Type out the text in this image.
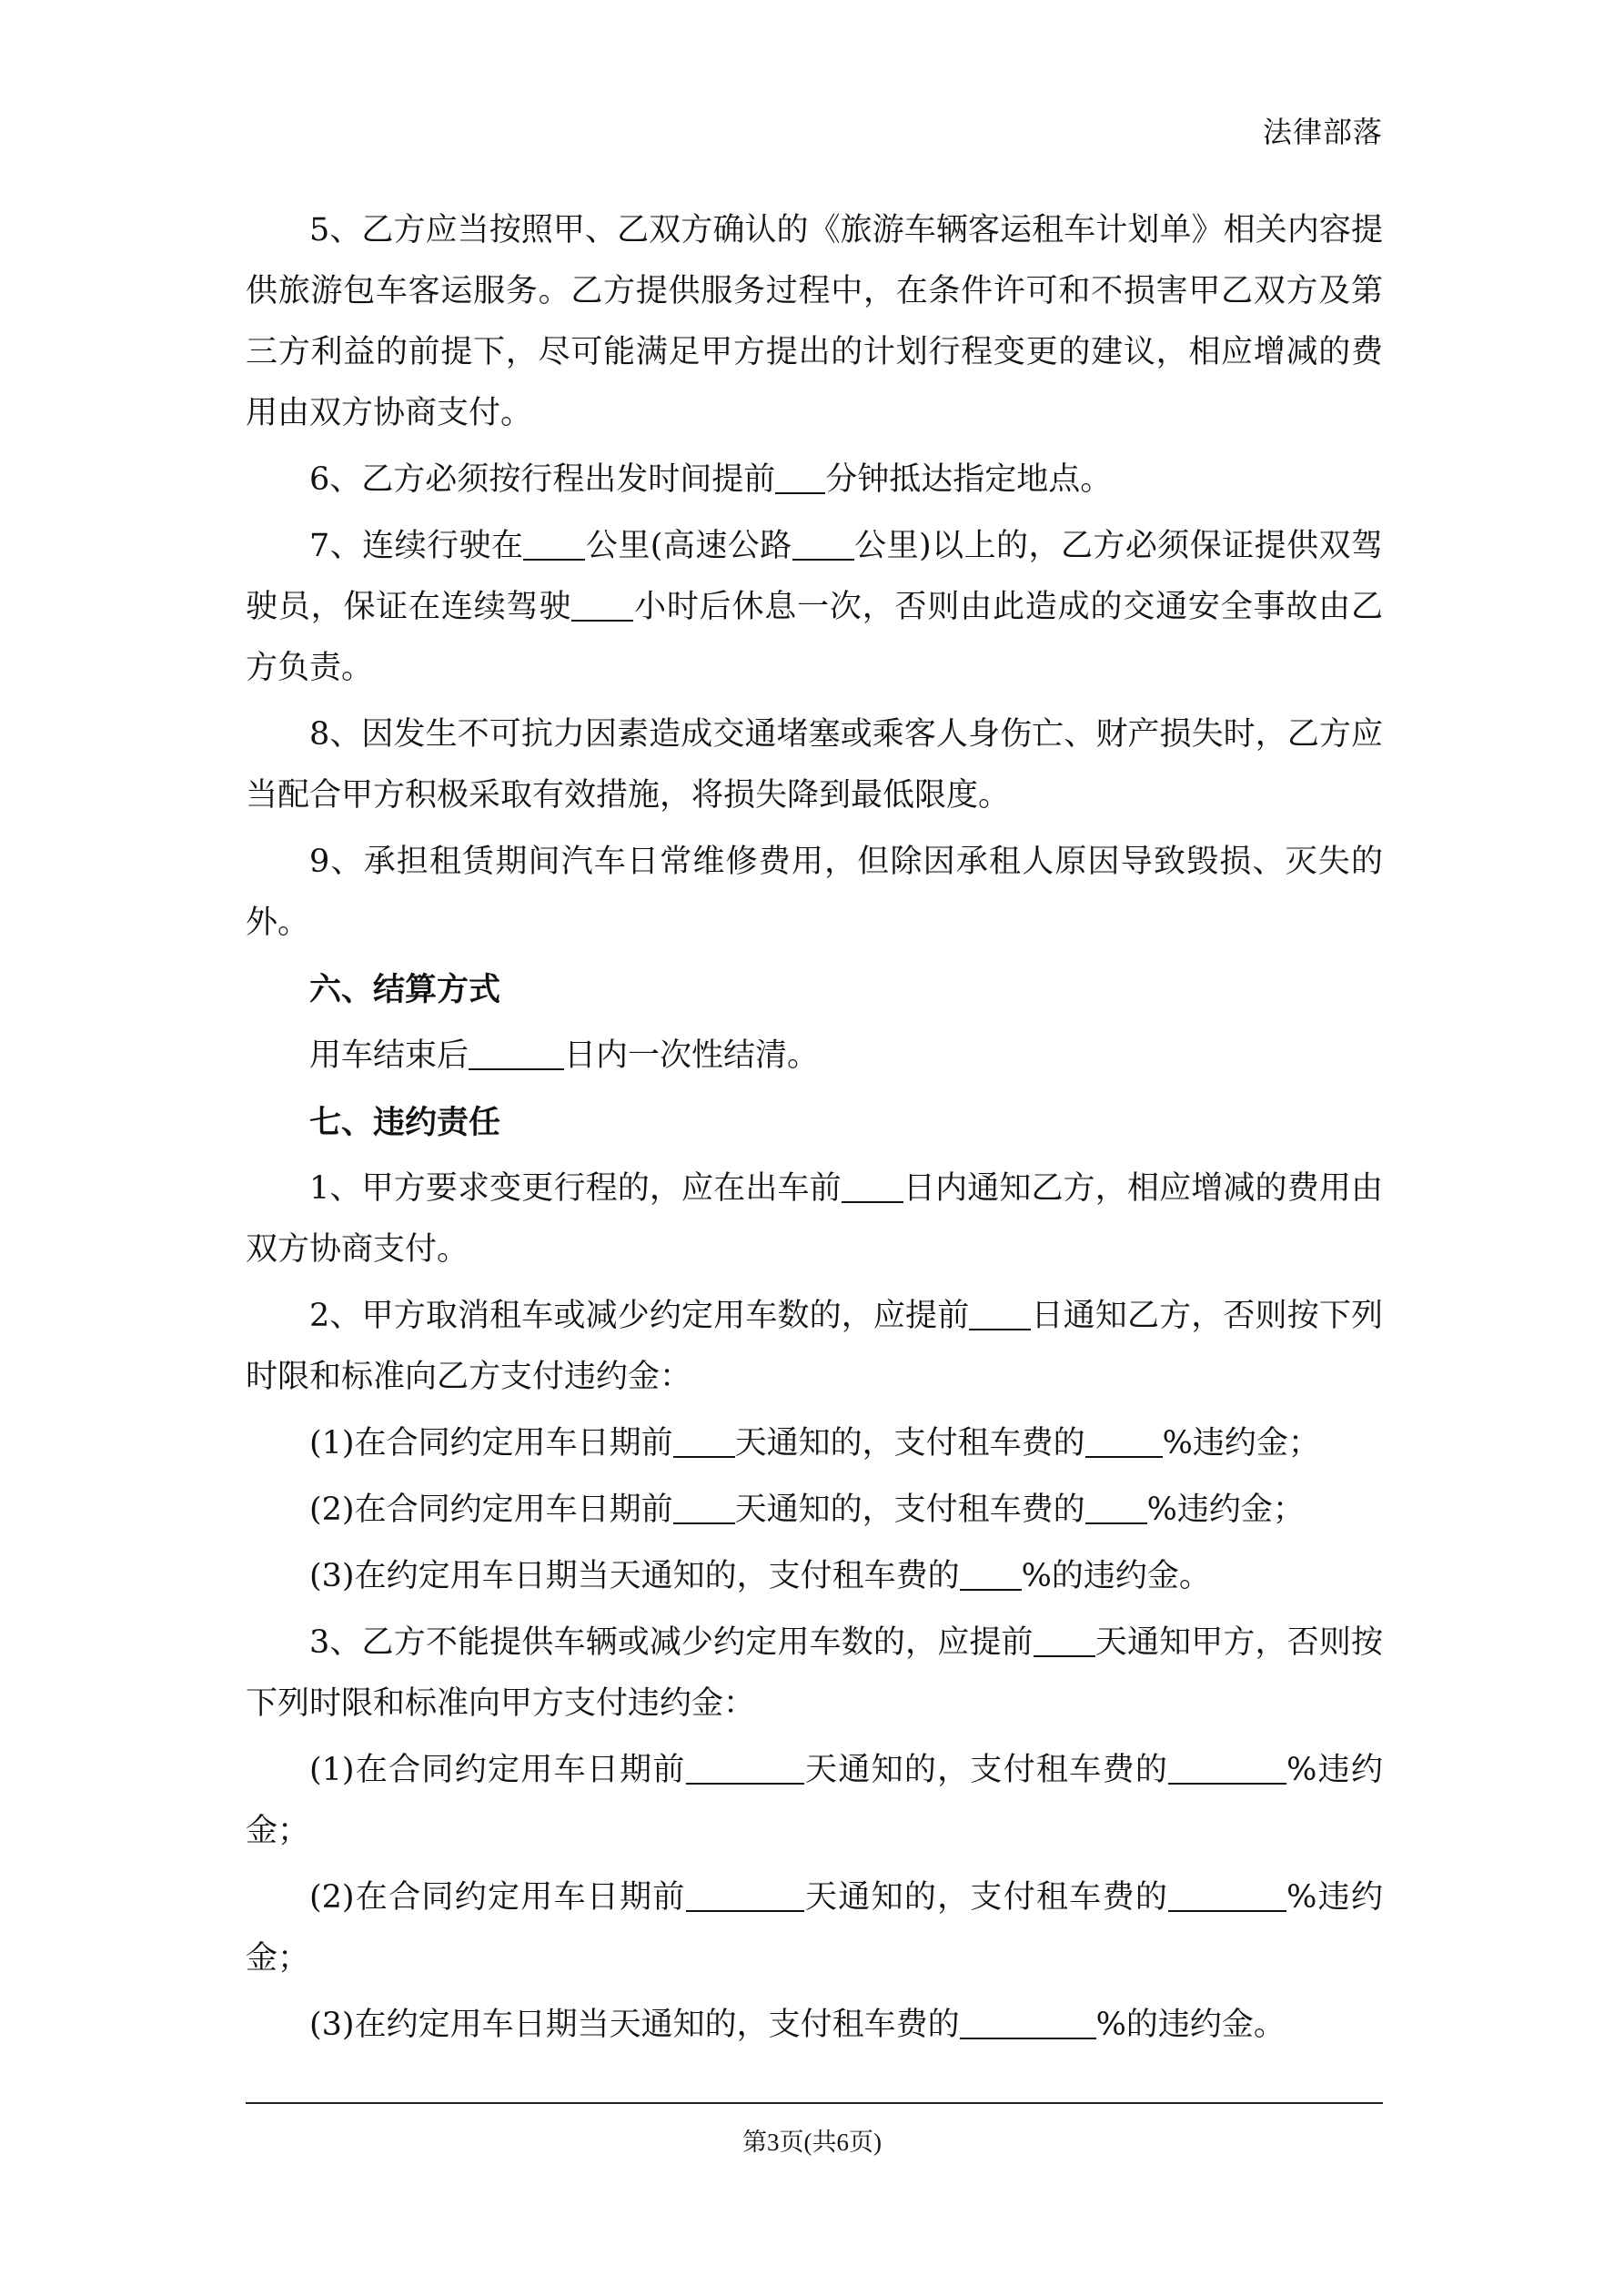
法律部落

5、乙方应当按照甲、乙双方确认的《旅游车辆客运租车计划单》相关内容提供旅游包车客运服务。乙方提供服务过程中，在条件许可和不损害甲乙双方及第三方利益的前提下，尽可能满足甲方提出的计划行程变更的建议，相应增减的费用由双方协商支付。

6、乙方必须按行程出发时间提前 分钟抵达指定地点。

7、连续行驶在 公里(高速公路 公里)以上的，乙方必须保证提供双驾驶员，保证在连续驾驶 小时后休息一次，否则由此造成的交通安全事故由乙方负责。

8、因发生不可抗力因素造成交通堵塞或乘客人身伤亡、财产损失时，乙方应当配合甲方积极采取有效措施，将损失降到最低限度。

9、承担租赁期间汽车日常维修费用，但除因承租人原因导致毁损、灭失的外。

六、结算方式

用车结束后	日内一次性结清。

七、违约责任

1、甲方要求变更行程的，应在出车前 日内通知乙方，相应增减的费用由双方协商支付。

2、甲方取消租车或减少约定用车数的，应提前 日通知乙方，否则按下列时限和标准向乙方支付违约金：

(1)在合同约定用车日期前 天通知的，支付租车费的 %违约金；

(2)在合同约定用车日期前 天通知的，支付租车费的 %违约金；

(3)在约定用车日期当天通知的，支付租车费的 %的违约金。

3、乙方不能提供车辆或减少约定用车数的，应提前 天通知甲方，否则按下列时限和标准向甲方支付违约金：

(1)在合同约定用车日期前	天通知的，支付租车费的	%违约金；

(2)在合同约定用车日期前	天通知的，支付租车费的	%违约金；

(3)在约定用车日期当天通知的，支付租车费的	%的违约金。

第3页(共6页)
